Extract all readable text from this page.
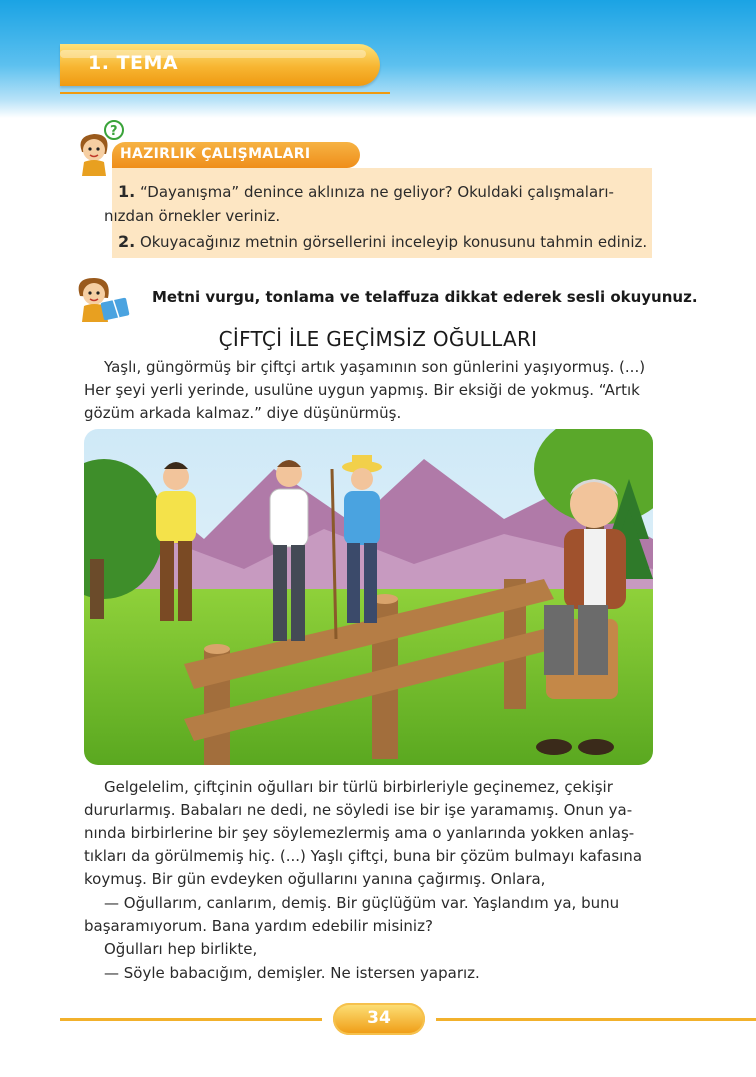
1. TEMA
?
HAZIRLIK ÇALIŞMALARI
1. “Dayanışma” denince aklınıza ne geliyor? Okuldaki çalışmaları-
nızdan örnekler veriniz.
2. Okuyacağınız metnin görsellerini inceleyip konusunu tahmin ediniz.
Metni vurgu, tonlama ve telaffuza dikkat ederek sesli okuyunuz.
ÇİFTÇİ İLE GEÇİMSİZ OĞULLARI
Yaşlı, güngörmüş bir çiftçi artık yaşamının son günlerini yaşıyormuş. (...)
Her şeyi yerli yerinde, usulüne uygun yapmış. Bir eksiği de yokmuş. “Artık
gözüm arkada kalmaz.” diye düşünürmüş.
Gelgelelim, çiftçinin oğulları bir türlü birbirleriyle geçinemez, çekişir
dururlarmış. Babaları ne dedi, ne söyledi ise bir işe yaramamış. Onun ya-
nında birbirlerine bir şey söylemezlermiş ama o yanlarında yokken anlaş-
tıkları da görülmemiş hiç. (...) Yaşlı çiftçi, buna bir çözüm bulmayı kafasına
koymuş. Bir gün evdeyken oğullarını yanına çağırmış. Onlara,
— Oğullarım, canlarım, demiş. Bir güçlüğüm var. Yaşlandım ya, bunu
başaramıyorum. Bana yardım edebilir misiniz?
Oğulları hep birlikte,
— Söyle babacığım, demişler. Ne istersen yaparız.
34
